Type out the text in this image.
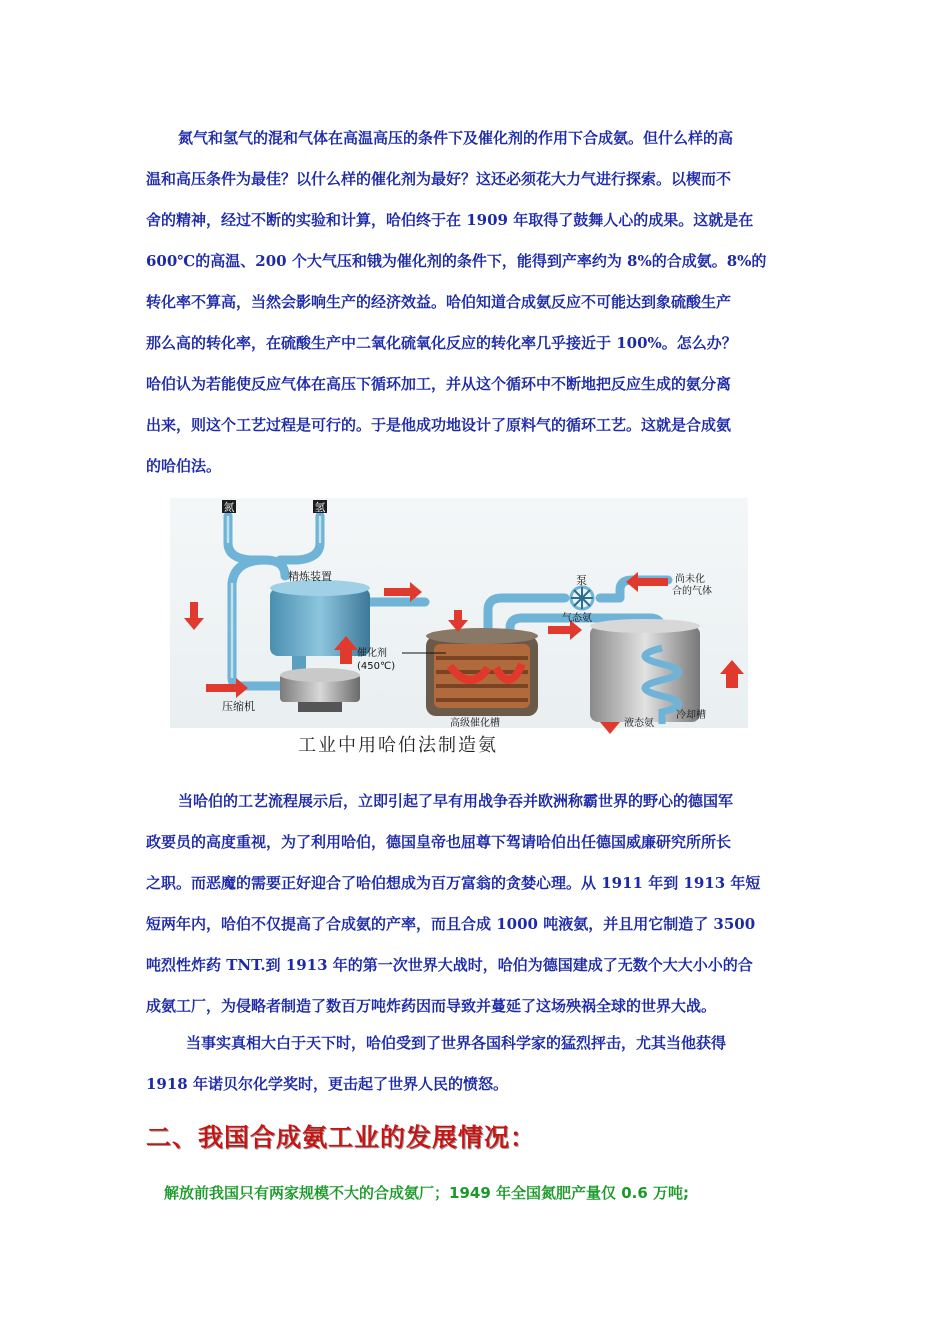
氮气和氢气的混和气体在高温高压的条件下及催化剂的作用下合成氨。但什么样的高
温和高压条件为最佳？以什么样的催化剂为最好？这还必须花大力气进行探索。以楔而不
舍的精神，经过不断的实验和计算，哈伯终于在 1909 年取得了鼓舞人心的成果。这就是在
600℃的高温、200 个大气压和锇为催化剂的条件下，能得到产率约为 8%的合成氨。8%的
转化率不算高，当然会影响生产的经济效益。哈伯知道合成氨反应不可能达到象硫酸生产
那么高的转化率，在硫酸生产中二氧化硫氧化反应的转化率几乎接近于 100%。怎么办？
哈伯认为若能使反应气体在高压下循环加工，并从这个循环中不断地把反应生成的氨分离
出来，则这个工艺过程是可行的。于是他成功地设计了原料气的循环工艺。这就是合成氨
的哈伯法。
氮	氢
精炼装置	泵
气态氨
尚未化
合的气体
催化剂
(450℃)
压缩机
高级催化槽	液态氨
冷却槽
工业中用哈伯法制造氨
当哈伯的工艺流程展示后，立即引起了早有用战争吞并欧洲称霸世界的野心的德国军
政要员的高度重视，为了利用哈伯，德国皇帝也屈尊下驾请哈伯出任德国威廉研究所所长
之职。而恶魔的需要正好迎合了哈伯想成为百万富翁的贪婪心理。从 1911 年到 1913 年短
短两年内，哈伯不仅提高了合成氨的产率，而且合成 1000 吨液氨，并且用它制造了 3500
吨烈性炸药 TNT.到 1913 年的第一次世界大战时，哈伯为德国建成了无数个大大小小的合
成氨工厂，为侵略者制造了数百万吨炸药因而导致并蔓延了这场殃祸全球的世界大战。
当事实真相大白于天下时，哈伯受到了世界各国科学家的猛烈抨击，尤其当他获得
1918 年诺贝尔化学奖时，更击起了世界人民的愤怒。
二、我国合成氨工业的发展情况：

解放前我国只有两家规模不大的合成氨厂；1949 年全国氮肥产量仅 0.6 万吨;
